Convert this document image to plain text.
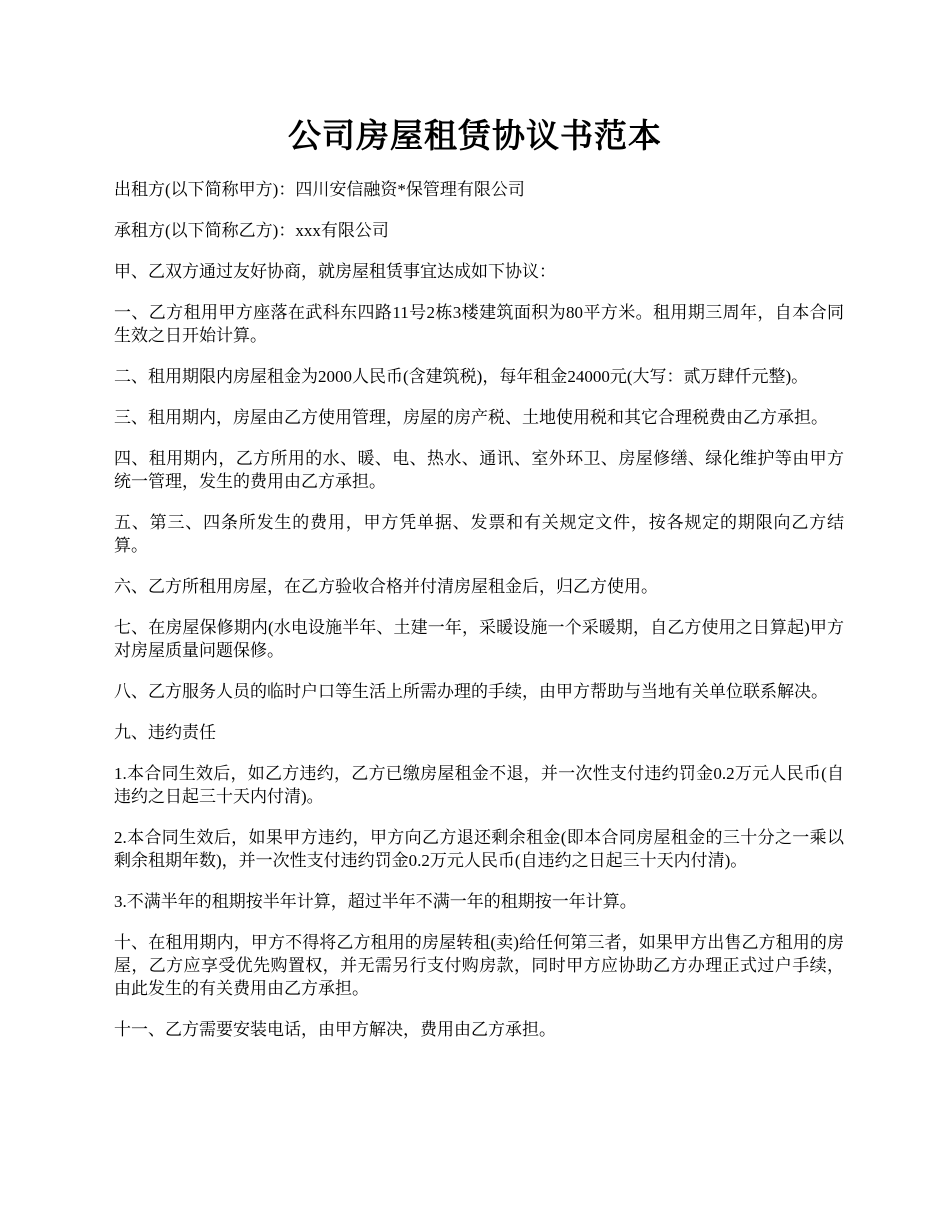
公司房屋租赁协议书范本

出租方(以下简称甲方)：四川安信融资*保管理有限公司

承租方(以下简称乙方)：xxx有限公司

甲、乙双方通过友好协商，就房屋租赁事宜达成如下协议：

一、乙方租用甲方座落在武科东四路11号2栋3楼建筑面积为80平方米。租用期三周年，自本合同生效之日开始计算。

二、租用期限内房屋租金为2000人民币(含建筑税)，每年租金24000元(大写：贰万肆仟元整)。

三、租用期内，房屋由乙方使用管理，房屋的房产税、土地使用税和其它合理税费由乙方承担。

四、租用期内，乙方所用的水、暖、电、热水、通讯、室外环卫、房屋修缮、绿化维护等由甲方统一管理，发生的费用由乙方承担。

五、第三、四条所发生的费用，甲方凭单据、发票和有关规定文件，按各规定的期限向乙方结算。

六、乙方所租用房屋，在乙方验收合格并付清房屋租金后，归乙方使用。

七、在房屋保修期内(水电设施半年、土建一年，采暖设施一个采暖期，自乙方使用之日算起)甲方对房屋质量问题保修。

八、乙方服务人员的临时户口等生活上所需办理的手续，由甲方帮助与当地有关单位联系解决。

九、违约责任

1.本合同生效后，如乙方违约，乙方已缴房屋租金不退，并一次性支付违约罚金0.2万元人民币(自违约之日起三十天内付清)。

2.本合同生效后，如果甲方违约，甲方向乙方退还剩余租金(即本合同房屋租金的三十分之一乘以剩余租期年数)，并一次性支付违约罚金0.2万元人民币(自违约之日起三十天内付清)。

3.不满半年的租期按半年计算，超过半年不满一年的租期按一年计算。

十、在租用期内，甲方不得将乙方租用的房屋转租(卖)给任何第三者，如果甲方出售乙方租用的房屋，乙方应享受优先购置权，并无需另行支付购房款，同时甲方应协助乙方办理正式过户手续，由此发生的有关费用由乙方承担。

十一、乙方需要安装电话，由甲方解决，费用由乙方承担。
